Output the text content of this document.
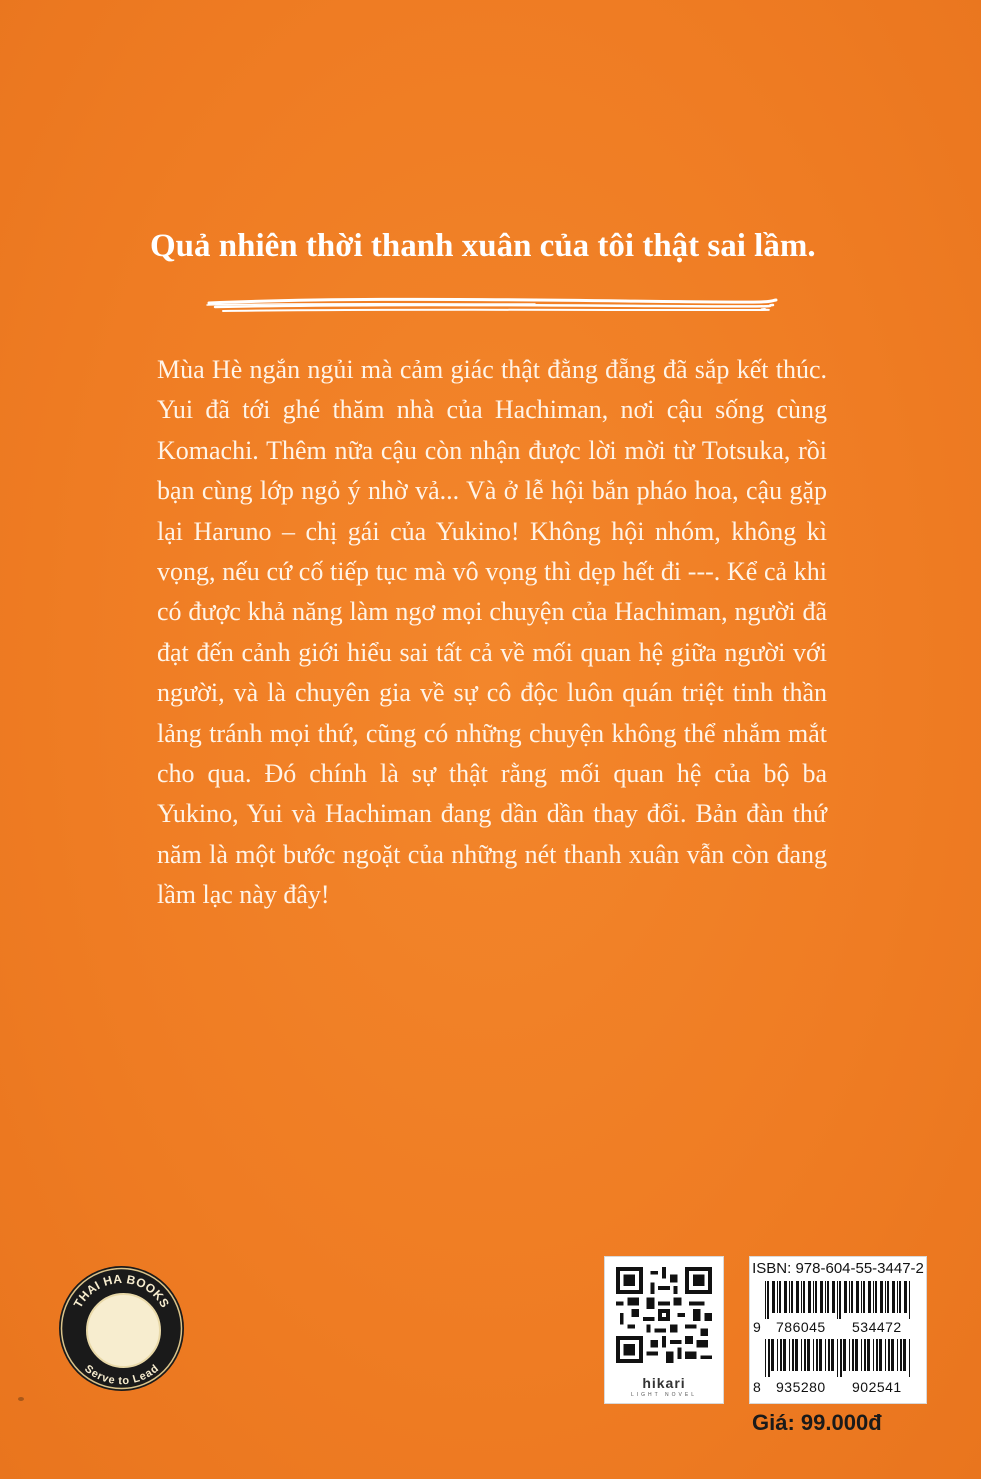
Quả nhiên thời thanh xuân của tôi thật sai lầm.

Mùa Hè ngắn ngủi mà cảm giác thật đằng đẵng đã sắp kết thúc. Yui đã tới ghé thăm nhà của Hachiman, nơi cậu sống cùng Komachi. Thêm nữa cậu còn nhận được lời mời từ Totsuka, rồi bạn cùng lớp ngỏ ý nhờ vả... Và ở lễ hội bắn pháo hoa, cậu gặp lại Haruno – chị gái của Yukino! Không hội nhóm, không kì vọng, nếu cứ cố tiếp tục mà vô vọng thì dẹp hết đi ---. Kể cả khi có được khả năng làm ngơ mọi chuyện của Hachiman, người đã đạt đến cảnh giới hiểu sai tất cả về mối quan hệ giữa người với người, và là chuyên gia về sự cô độc luôn quán triệt tinh thần lảng tránh mọi thứ, cũng có những chuyện không thể nhắm mắt cho qua. Đó chính là sự thật rằng mối quan hệ của bộ ba Yukino, Yui và Hachiman đang dần dần thay đổi. Bản đàn thứ năm là một bước ngoặt của những nét thanh xuân vẫn còn đang lầm lạc này đây!

THAI HA BOOKS
Serve to Lead
hikari
LIGHT NOVEL
ISBN: 978-604-55-3447-2
9 786045 534472
8 935280 902541
Giá: 99.000đ
